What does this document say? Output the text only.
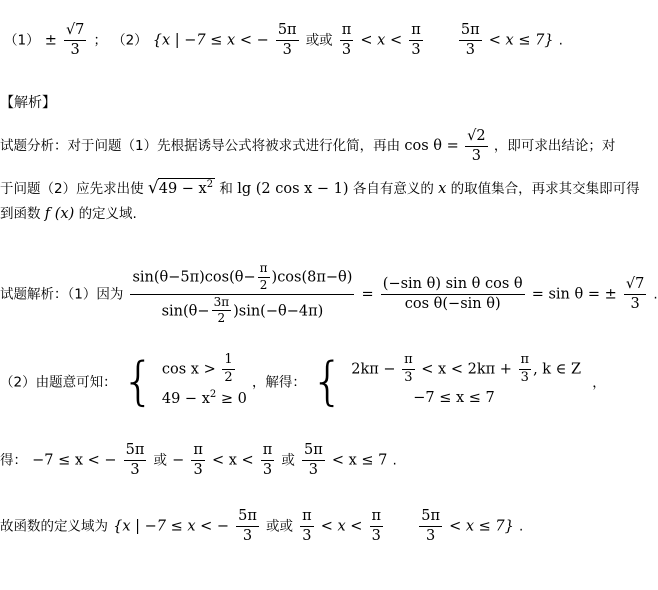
$(1) \pm \frac{√7}{3}$ ； （2） {x | −7 ≤ x < − $\frac{5\pi}{3}$ 或或 $\frac{\pi}{3} < x < \frac{\pi}{3}$
$\frac{5\pi}{3} < x \le 7$} .
【解析】
试题分析：对于问题（1）先根据诱导公式将被求式进行化简，再由 $\cos \theta = \frac{√2}{3}$ ，即可求出结论；对
于问题（2）应先求出使 $√49 - x^2$ 和 lg (2 cos x − 1) 各自有意义的 x 的取值集合，再求其交集即可得
到函数 f (x) 的定义域.
试题解析：（1）因为 $\frac{\sin(\theta-5\pi)\cos(\theta- \frac{\pi}{2} )\cos(8\pi-\theta)}{\sin(\theta- \frac{3\pi}{2} )\sin(-\theta-4\pi)} = \frac{\text{(−sin θ) sin θ cos θ}}{\text{cos θ(−sin θ)}} = \sin \theta$ = ± $\frac{√7}{3}$ .
（2）由题意可知： { $\cos x > \frac{1}{2}$
$49 - x^2 \ge 0$
，解得： { $2k\pi - \frac{\pi}{3} < x < 2k\pi + \frac{\pi}{3}$ , k ∈ Z
−7 ≤ x ≤ 7
，
得： −7 ≤ x < − $\frac{5\pi}{3}$ 或 − $\frac{\pi}{3} < x < \frac{\pi}{3}$ 或 $\frac{5\pi}{3} < x \le 7$ .
故函数的定义域为 {x | −7 ≤ x < − $\frac{5\pi}{3}$ 或或 $\frac{\pi}{3} < x < \frac{\pi}{3}$
$\frac{5\pi}{3} < x \le 7$} .
